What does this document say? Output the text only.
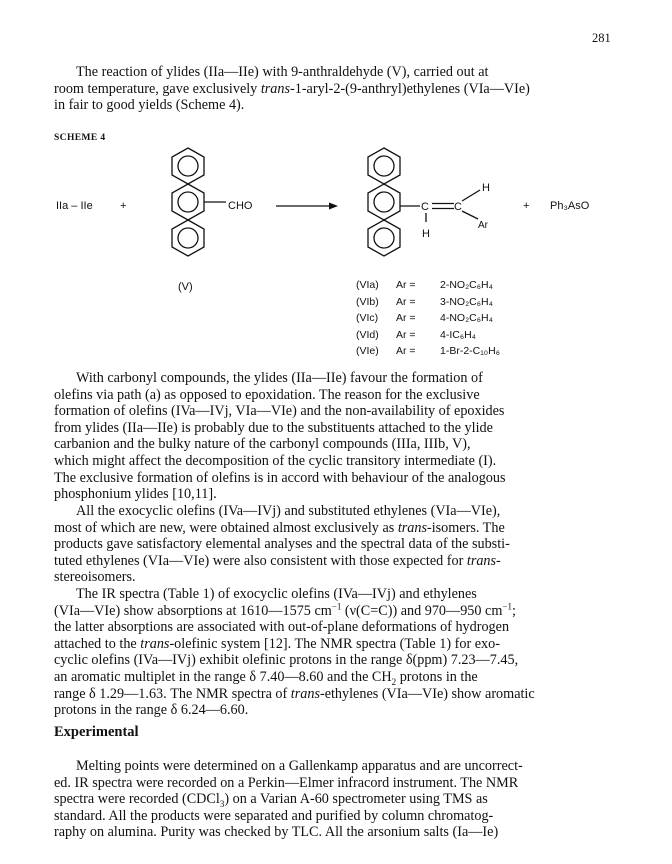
281
The reaction of ylides (IIa—IIe) with 9-anthraldehyde (V), carried out at
room temperature, gave exclusively trans-1-aryl-2-(9-anthryl)ethylenes (VIa—VIe)
in fair to good yields (Scheme 4).
SCHEME 4
IIa – IIe +	CHO
(V)
C C
H
Ar
H
+ Ph₃AsO
(VIa) Ar = 2-NO₂C₆H₄
(VIb) Ar = 3-NO₂C₆H₄
(VIc) Ar = 4-NO₂C₆H₄
(VId) Ar = 4-IC₆H₄
(VIe) Ar = 1-Br-2-C₁₀H₆
With carbonyl compounds, the ylides (IIa—IIe) favour the formation of
olefins via path (a) as opposed to epoxidation. The reason for the exclusive
formation of olefins (IVa—IVj, VIa—VIe) and the non-availability of epoxides
from ylides (IIa—IIe) is probably due to the substituents attached to the ylide
carbanion and the bulky nature of the carbonyl compounds (IIIa, IIIb, V),
which might affect the decomposition of the cyclic transitory intermediate (I).
The exclusive formation of olefins is in accord with behaviour of the analogous
phosphonium ylides [10,11].
All the exocyclic olefins (IVa—IVj) and substituted ethylenes (VIa—VIe),
most of which are new, were obtained almost exclusively as trans-isomers. The
products gave satisfactory elemental analyses and the spectral data of the substi-
tuted ethylenes (VIa—VIe) were also consistent with those expected for trans-
stereoisomers.
The IR spectra (Table 1) of exocyclic olefins (IVa—IVj) and ethylenes
(VIa—VIe) show absorptions at 1610—1575 $cm^{-1}$ (ν(C=C)) and 970—950 $cm^{-1}$;
the latter absorptions are associated with out-of-plane deformations of hydrogen
attached to the trans-olefinic system [12]. The NMR spectra (Table 1) for exo-
cyclic olefins (IVa—IVj) exhibit olefinic protons in the range δ(ppm) 7.23—7.45,
an aromatic multiplet in the range δ 7.40—8.60 and the $CH_2$ protons in the
range δ 1.29—1.63. The NMR spectra of trans-ethylenes (VIa—VIe) show aromatic
protons in the range δ 6.24—6.60.
Experimental
Melting points were determined on a Gallenkamp apparatus and are uncorrect-
ed. IR spectra were recorded on a Perkin—Elmer infracord instrument. The NMR
spectra were recorded (CDCl$_3$) on a Varian A-60 spectrometer using TMS as
standard. All the products were separated and purified by column chromatog-
raphy on alumina. Purity was checked by TLC. All the arsonium salts (Ia—Ie)
